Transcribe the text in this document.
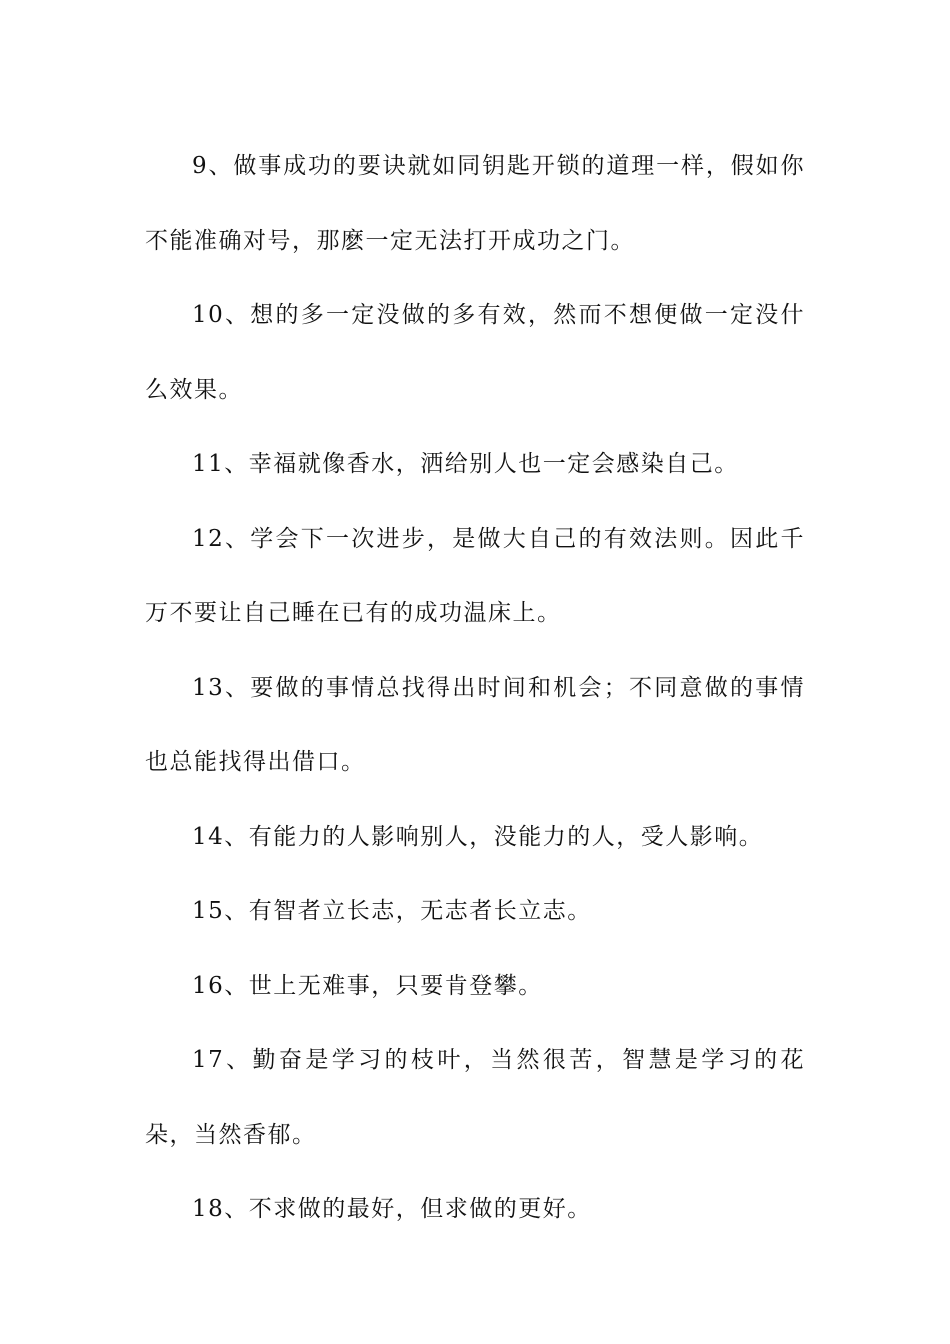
9、做事成功的要诀就如同钥匙开锁的道理一样，假如你不能准确对号，那麽一定无法打开成功之门。

10、想的多一定没做的多有效，然而不想便做一定没什么效果。

11、幸福就像香水，洒给别人也一定会感染自己。

12、学会下一次进步，是做大自己的有效法则。因此千万不要让自己睡在已有的成功温床上。

13、要做的事情总找得出时间和机会；不同意做的事情也总能找得出借口。

14、有能力的人影响别人，没能力的人，受人影响。

15、有智者立长志，无志者长立志。

16、世上无难事，只要肯登攀。

17、勤奋是学习的枝叶，当然很苦，智慧是学习的花朵，当然香郁。

18、不求做的最好，但求做的更好。
